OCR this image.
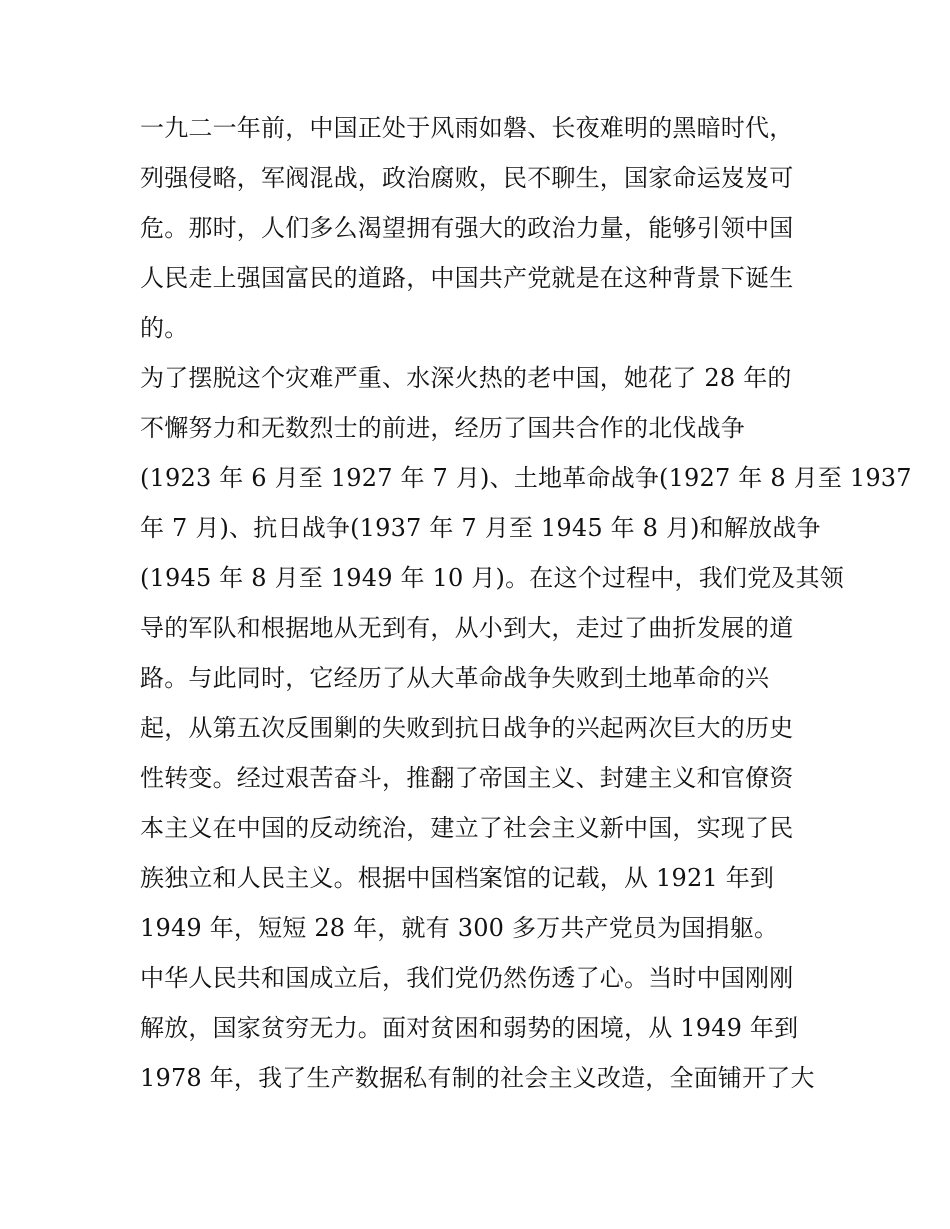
一九二一年前，中国正处于风雨如磐、长夜难明的黑暗时代，
列强侵略，军阀混战，政治腐败，民不聊生，国家命运岌岌可
危。那时，人们多么渴望拥有强大的政治力量，能够引领中国
人民走上强国富民的道路，中国共产党就是在这种背景下诞生
的。
为了摆脱这个灾难严重、水深火热的老中国，她花了 28 年的
不懈努力和无数烈士的前进，经历了国共合作的北伐战争
(1923 年 6 月至 1927 年 7 月)、土地革命战争(1927 年 8 月至 1937
年 7 月)、抗日战争(1937 年 7 月至 1945 年 8 月)和解放战争
(1945 年 8 月至 1949 年 10 月)。在这个过程中，我们党及其领
导的军队和根据地从无到有，从小到大，走过了曲折发展的道
路。与此同时，它经历了从大革命战争失败到土地革命的兴
起，从第五次反围剿的失败到抗日战争的兴起两次巨大的历史
性转变。经过艰苦奋斗，推翻了帝国主义、封建主义和官僚资
本主义在中国的反动统治，建立了社会主义新中国，实现了民
族独立和人民主义。根据中国档案馆的记载，从 1921 年到
1949 年，短短 28 年，就有 300 多万共产党员为国捐躯。
中华人民共和国成立后，我们党仍然伤透了心。当时中国刚刚
解放，国家贫穷无力。面对贫困和弱势的困境，从 1949 年到
1978 年，我了生产数据私有制的社会主义改造，全面铺开了大
